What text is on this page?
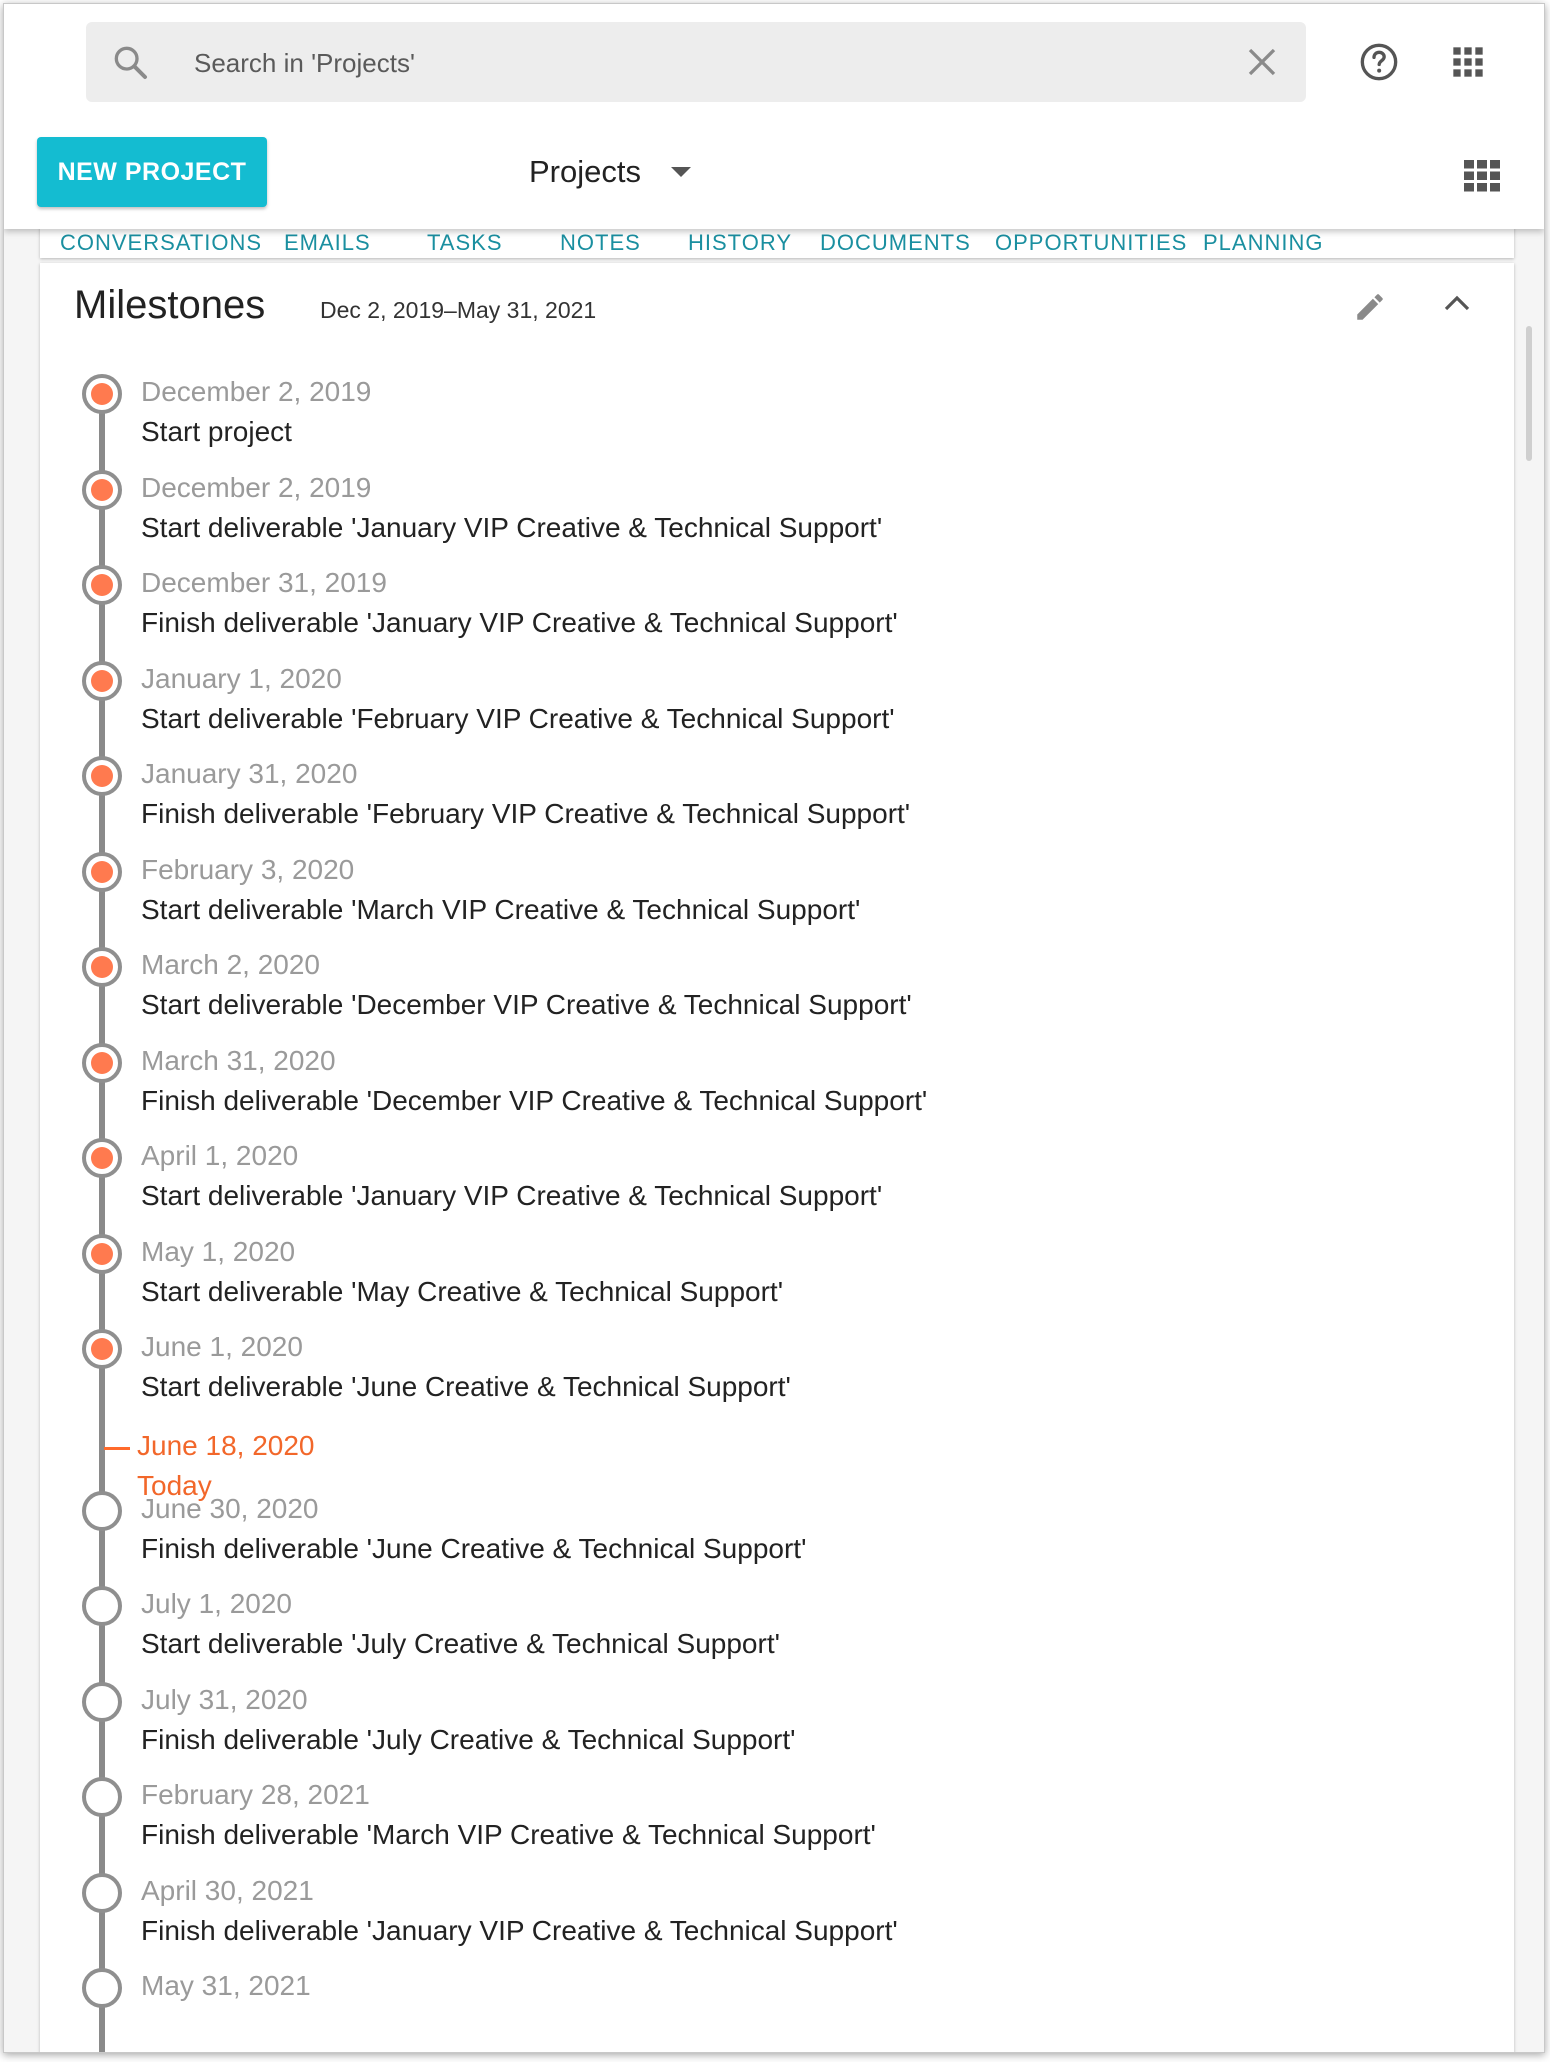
Search in 'Projects'
NEW PROJECT	Projects
CONVERSATIONS EMAILS	TASKS	NOTES HISTORY DOCUMENTS OPPORTUNITIES PLANNING
Milestones Dec 2, 2019–May 31, 2021
December 2, 2019
Start project
December 2, 2019
Start deliverable 'January VIP Creative & Technical Support'
December 31, 2019
Finish deliverable 'January VIP Creative & Technical Support'
January 1, 2020
Start deliverable 'February VIP Creative & Technical Support'
January 31, 2020
Finish deliverable 'February VIP Creative & Technical Support'
February 3, 2020
Start deliverable 'March VIP Creative & Technical Support'
March 2, 2020
Start deliverable 'December VIP Creative & Technical Support'
March 31, 2020
Finish deliverable 'December VIP Creative & Technical Support'
April 1, 2020
Start deliverable 'January VIP Creative & Technical Support'
May 1, 2020
Start deliverable 'May Creative & Technical Support'
June 1, 2020
Start deliverable 'June Creative & Technical Support'
June 30, 2020
Finish deliverable 'June Creative & Technical Support'
July 1, 2020
Start deliverable 'July Creative & Technical Support'
July 31, 2020
Finish deliverable 'July Creative & Technical Support'
February 28, 2021
Finish deliverable 'March VIP Creative & Technical Support'
April 30, 2021
Finish deliverable 'January VIP Creative & Technical Support'
May 31, 2021
June 18, 2020
Today
